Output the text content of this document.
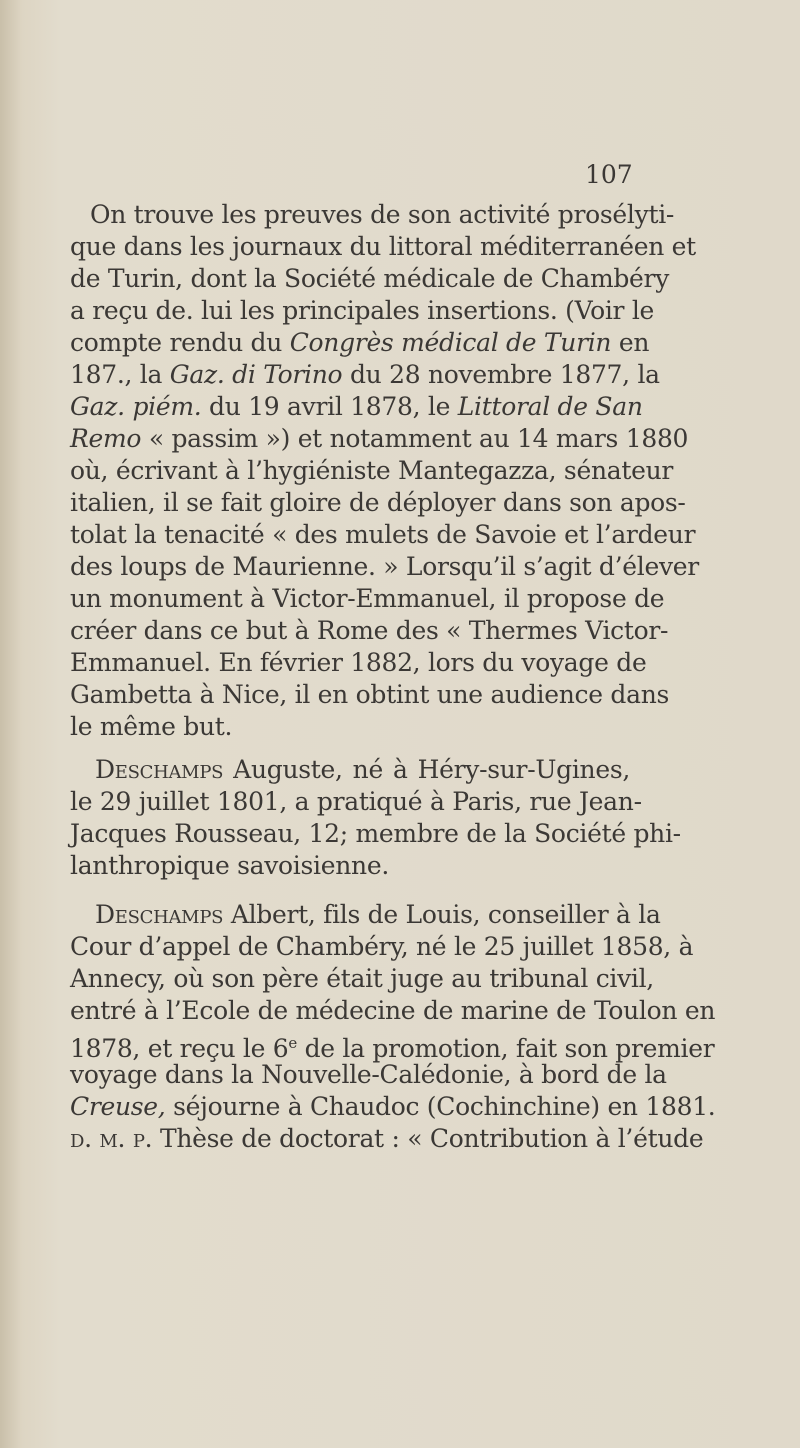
107
On trouve les preuves de son activité prosélyti-
que dans les journaux du littoral méditerranéen et
de Turin, dont la Société médicale de Chambéry
a reçu de. lui les principales insertions. (Voir le
compte rendu du Congrès médical de Turin en
187., la Gaz. di Torino du 28 novembre 1877, la
Gaz. piém. du 19 avril 1878, le Littoral de San
Remo « passim ») et notamment au 14 mars 1880
où, écrivant à l’hygiéniste Mantegazza, sénateur
italien, il se fait gloire de déployer dans son apos-
tolat la tenacité « des mulets de Savoie et l’ardeur
des loups de Maurienne. » Lorsqu’il s’agit d’élever
un monument à Victor-Emmanuel, il propose de
créer dans ce but à Rome des « Thermes Victor-
Emmanuel. En février 1882, lors du voyage de
Gambetta à Nice, il en obtint une audience dans
le même but.
Deschamps Auguste, né à Héry-sur-Ugines,
le 29 juillet 1801, a pratiqué à Paris, rue Jean-
Jacques Rousseau, 12; membre de la Société phi-
lanthropique savoisienne.
Deschamps Albert, fils de Louis, conseiller à la
Cour d’appel de Chambéry, né le 25 juillet 1858, à
Annecy, où son père était juge au tribunal civil,
entré à l’Ecole de médecine de marine de Toulon en
1878, et reçu le 6e de la promotion, fait son premier
voyage dans la Nouvelle-Calédonie, à bord de la
Creuse, séjourne à Chaudoc (Cochinchine) en 1881.
d. m. p. Thèse de doctorat : « Contribution à l’étude
